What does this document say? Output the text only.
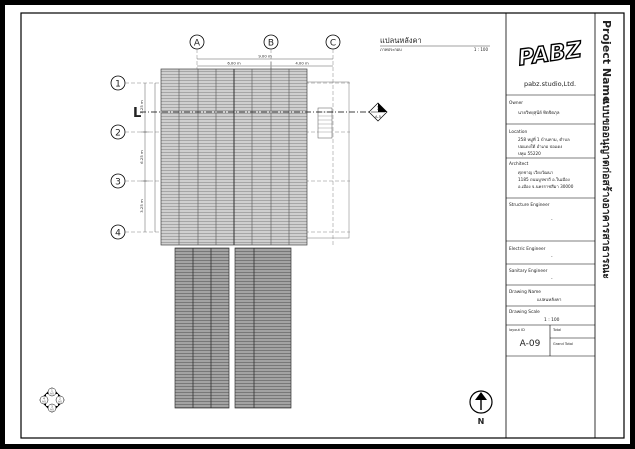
แปลนหลังคา
ภาพประกอบ	1 : 100
A	B	C
9.00 m
6.00 m	4.00 m
1
2
3
4
3.25 m
6.25 m
3.25 m
L	1
A-5
1
A-5
2
A-5
3
A-5
4
A-5
N
PABZ
pabz.studio,Ltd.
Owner
นายวิทยุสุนีย์ ทิตจิตภุล
Location
258 หมู่ที่ 1 บ้านทาม, ตำบล
ปอแดงใต้ อำเภอ ปอแดง
ปทุม 55220
Architect
ศุภชาญ เวียงวัฒนา
1185 ถนนบูรพาถี อ.ในเมือง
อ.เมือง จ.นครราชสีมา 30000
Structure Engineer
-
Electric Engineer
-
Sanitary Engineer
-
Drawing Name
แปลนหลังคา
Drawing Scale
1 : 100
layout ID
A-09
Total
Grand Total
Project Name
แบบขออนุญาตก่อสร้างอาคารสาธารณะ
